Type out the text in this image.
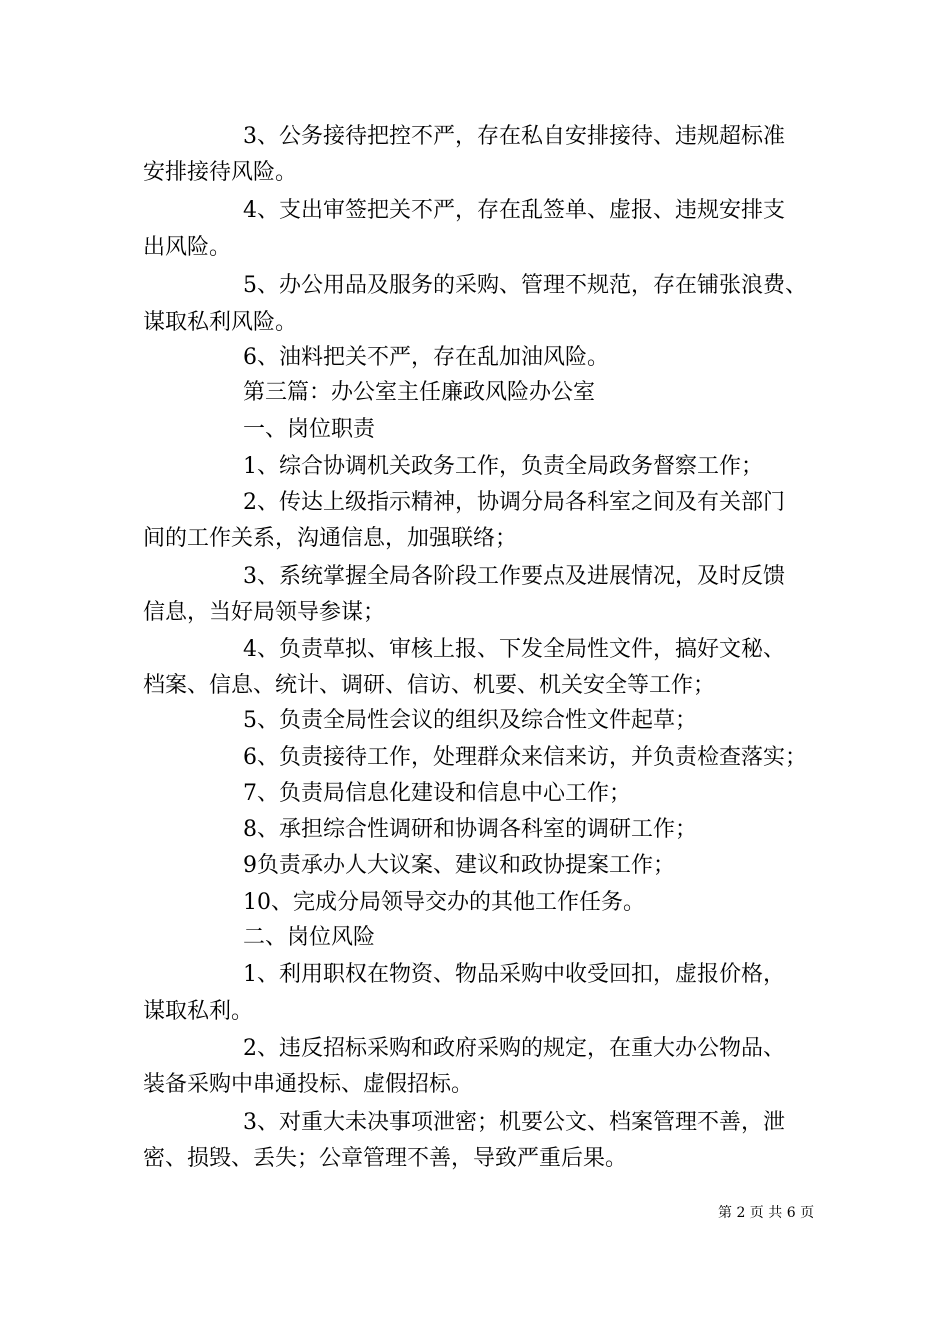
3、公务接待把控不严，存在私自安排接待、违规超标准
安排接待风险。
4、支出审签把关不严，存在乱签单、虚报、违规安排支
出风险。
5、办公用品及服务的采购、管理不规范，存在铺张浪费、
谋取私利风险。
6、油料把关不严，存在乱加油风险。
第三篇：办公室主任廉政风险办公室
一、岗位职责
1、综合协调机关政务工作，负责全局政务督察工作；
2、传达上级指示精神，协调分局各科室之间及有关部门
间的工作关系，沟通信息，加强联络；
3、系统掌握全局各阶段工作要点及进展情况，及时反馈
信息，当好局领导参谋；
4、负责草拟、审核上报、下发全局性文件，搞好文秘、
档案、信息、统计、调研、信访、机要、机关安全等工作；
5、负责全局性会议的组织及综合性文件起草；
6、负责接待工作，处理群众来信来访，并负责检查落实；
7、负责局信息化建设和信息中心工作；
8、承担综合性调研和协调各科室的调研工作；
9负责承办人大议案、建议和政协提案工作；
10、完成分局领导交办的其他工作任务。
二、岗位风险
1、利用职权在物资、物品采购中收受回扣，虚报价格，
谋取私利。
2、违反招标采购和政府采购的规定，在重大办公物品、
装备采购中串通投标、虚假招标。
3、对重大未决事项泄密；机要公文、档案管理不善，泄
密、损毁、丢失；公章管理不善，导致严重后果。
第 2 页 共 6 页
